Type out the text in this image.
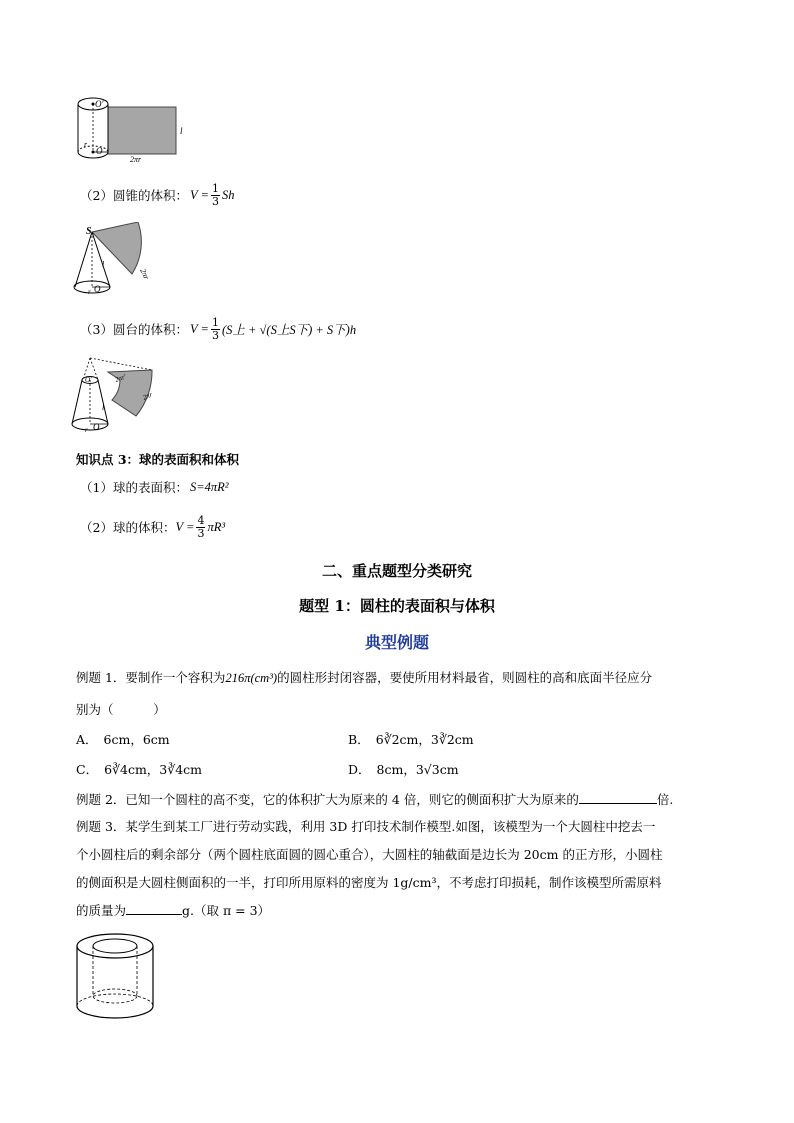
O′
O
r
l
2πr
（2）圆锥的体积： $V = \frac{1}{3}$ Sh
S
l
2πr
O
r
（3）圆台的体积： $V = \frac{1}{3} (S$上 + √(S上S下) + S下)h
O′	2πr′
2πr
l
O
r
知识点 3：球的表面积和体积
（1）球的表面积： S=4πR²
（2）球的体积： $V = \frac{4}{3} \pi R^3$
二、重点题型分类研究
题型 1：圆柱的表面积与体积
典型例题
例题 1．要制作一个容积为216π(cm³)的圆柱形封闭容器，要使所用材料最省，则圆柱的高和底面半径应分
别为（          ）
A． 6cm，6cm	B． 6∛2cm，3∛2cm
C． 6∛4cm，3∛4cm	D． 8cm，3√3cm
例题 2．已知一个圆柱的高不变，它的体积扩大为原来的 4 倍，则它的侧面积扩大为原来的	倍.
例题 3．某学生到某工厂进行劳动实践，利用 3D 打印技术制作模型.如图，该模型为一个大圆柱中挖去一
个小圆柱后的剩余部分（两个圆柱底面圆的圆心重合），大圆柱的轴截面是边长为 20cm 的正方形，小圆柱
的侧面积是大圆柱侧面积的一半，打印所用原料的密度为 1g/cm³，不考虑打印损耗，制作该模型所需原料
的质量为	g.（取 π = 3）
